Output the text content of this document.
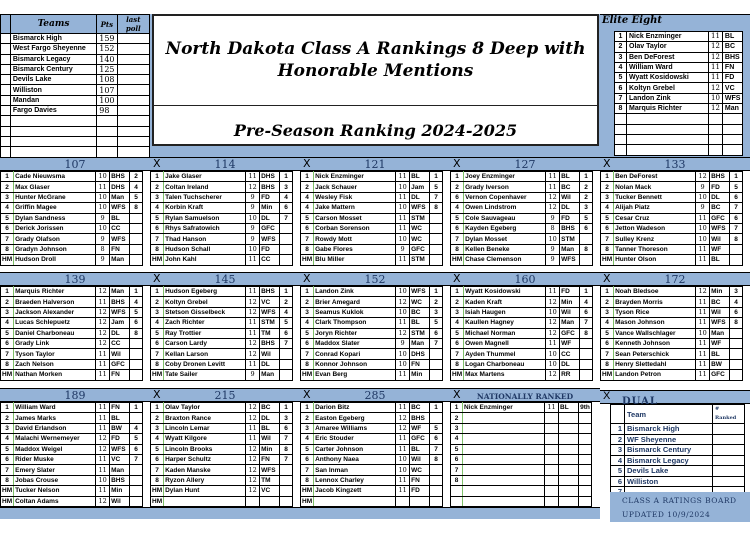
	Teams	Pts	last poll
	Bismarck High	159	
	West Fargo Sheyenne	152	
	Bismarck Legacy	140	
	Bismarck Century	125	
	Devils Lake	108	
	Williston	107	
	Mandan	100	
	Fargo Davies	98	

North Dakota Class A Rankings 8 Deep with Honorable Mentions
Pre-Season Ranking 2024-2025
Elite Eight
1	Nick Enzminger	11	BL
2	Olav Taylor	12	BC
3	Ben DeForest	12	BHS
4	William Ward	11	FN
5	Wyatt Kosidowski	11	FD
6	Koltyn Grebel	12	VC
7	Landon Zink	10	WFS
8	Marquis Richter	12	Man

107
1	Cade Nieuwsma	10	BHS	2
2	Max Glaser	11	DHS	4
3	Hunter McGrane	10	Man	5
4	Griffin Magee	10	WFS	8
5	Dylan Sandness	9	BL	
6	Derick Jorissen	10	CC	
7	Grady Olafson	9	WFS	
8	Gradyn Johnson	8	FN	
HM	Hudson Droll	9	Man	
X	114
1	Jake Glaser	11	DHS	1
2	Coltan Ireland	12	BHS	3
3	Talen Tuchscherer	9	FD	4
4	Korbin Kraft	9	Min	6
5	Rylan Samuelson	10	DL	7
6	Rhys Safratowich	9	GFC	
7	Thad Hanson	9	WFS	
8	Hudson Schall	10	FD	
HM	John Kahl	11	CC	
X	121
1	Nick Enzminger	11	BL	1
2	Jack Schauer	10	Jam	5
4	Wesley Fisk	11	DL	7
4	Jake Mattern	10	WFS	8
5	Carson Mosset	11	STM	
6	Corban Sorenson	11	WC	
7	Rowdy Mott	10	WC	
8	Gabe Flores	9	GFC	
HM	Blu Miller	11	STM	
X	127
1	Joey Enzminger	11	BL	1
2	Grady Iverson	11	BC	2
6	Vernon Copenhaver	12	Wil	2
4	Owen Lindstrom	12	DL	3
5	Cole Sauvageau	9	FD	5
6	Kayden Egeberg	8	BHS	6
7	Dylan Mosset	10	STM	
8	Kellen Beneke	9	Man	8
HM	Chase Clemenson	9	WFS	
X	133
1	Ben DeForest	12	BHS	1
2	Nolan Mack	9	FD	5
3	Tucker Bennett	10	DL	6
4	Alijah Piatz	9	BC	7
5	Cesar Cruz	11	GFC	6
6	Jetton Wadeson	10	WFS	7
7	Sulley Krenz	10	Wil	8
8	Tanner Thoreson	11	WF	
HM	Hunter Olson	11	BL	
139
1	Marquis Richter	12	Man	1
2	Braeden Halverson	11	BHS	4
3	Jackson Alexander	12	WFS	5
4	Lucas Schlepuetz	12	Jam	6
5	Daniel Charboneau	12	DL	8
6	Grady Link	12	CC	
7	Tyson Taylor	11	Wil	
8	Zach Nelson	11	GFC	
HM	Nathan Morken	11	FN	
X	145
1	Hudson Egeberg	11	BHS	1
2	Koltyn Grebel	12	VC	2
3	Stetson Gisselbeck	12	WFS	4
4	Zach Richter	11	STM	5
5	Ray Trottier	11	TM	6
6	Carson Lardy	12	BHS	7
7	Kellan Larson	12	Wil	
8	Coby Dronen Levitt	11	DL	
HM	Tate Sailer	9	Man	
X	152
1	Landon Zink	10	WFS	1
2	Brier Amegard	12	WC	2
3	Seamus Kuklok	10	BC	3
4	Clark Thompson	11	BL	5
5	Joryn Richter	12	STM	6
6	Maddox Slater	9	Man	7
7	Conrad Kopari	10	DHS	
8	Konnor Johnson	10	FN	
HM	Evan Berg	11	Min	
X	160
1	Wyatt Kosidowski	11	FD	1
2	Kaden Kraft	12	Min	4
3	Isiah Haugen	10	Wil	6
4	Kaullen Hagney	12	Man	7
5	Michael Norman	12	GFC	8
6	Owen Magnell	11	WF	
7	Ayden Thummel	10	CC	
8	Logan Charboneau	10	DL	
HM	Max Martens	12	RR	
X	172
1	Noah Bledsoe	12	Min	3
2	Brayden Morris	11	BC	4
3	Tyson Rice	11	Wil	6
4	Mason Johnson	11	WFS	8
5	Vance Wallschlager	10	Man	
6	Kenneth Johnson	11	WF	
7	Sean Peterschick	11	BL	
8	Henry Slettedahl	11	BW	
HM	Landon Petron	11	GFC	
189
1	William Ward	11	FN	1
2	James Marks	11	BL	
3	David Erlandson	11	BW	4
4	Malachi Wernemeyer	12	FD	5
5	Maddox Weigel	12	WFS	6
6	Rider Muske	11	VC	7
7	Emery Slater	11	Man	
8	Jobas Crouse	10	BHS	
HM	Tucker Nelson	11	Min	
HM	Coltan Adams	12	Wil	
X	215
1	Olav Taylor	12	BC	1
2	Braxton Rance	12	DL	3
3	Lincoln Lemar	11	BL	6
4	Wyatt Kilgore	11	Wil	7
5	Lincoln Brooks	12	Min	8
6	Harper Schultz	12	FN	7
7	Kaden Manske	12	WFS	
8	Ryzon Allery	12	TM	
HM	Dylan Hunt	12	VC	
HM				
X	285
1	Darion Bitz	11	BC	1
2	Easton Egeberg	12	BHS	
3	Amaree Williams	12	WF	5
4	Eric Stouder	11	GFC	6
5	Carter Johnson	11	BL	7
6	Anthony Naea	10	Wil	8
7	San Inman	10	WC	
8	Lennox Charley	11	FN	
HM	Jacob Kingzett	11	FD	
HM				
X NATIONALLY RANKED
1	Nick Enzminger	11	BL	9th
2				
3				
4				
5				
6				
7				
8				

X DUAL
	Team	# Ranked
1	Bismarck High	
2	WF Sheyenne	
3	Bismarck Century	
4	Bismarck Legacy	
5	Devils Lake	
6	Williston	

CLASS A RATINGS BOARD
UPDATED 10/9/2024
